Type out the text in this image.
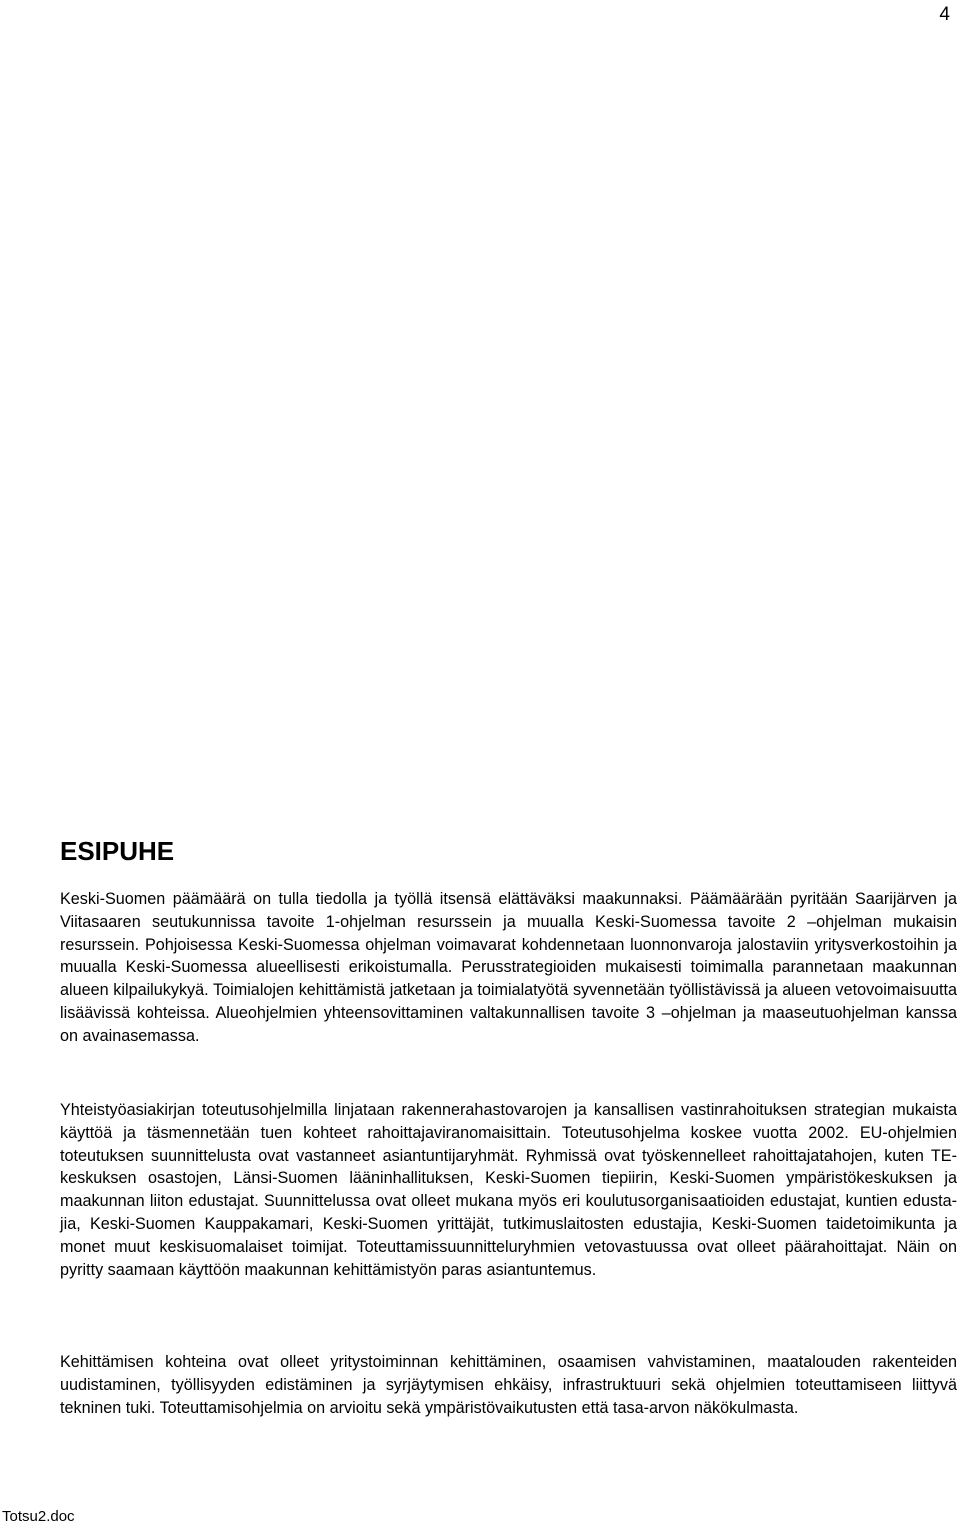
4
ESIPUHE

Keski-Suomen päämäärä on tulla tiedolla ja työllä itsensä elättäväksi maakunnaksi. Päämäärään pyritään Saarijärven ja Viitasaaren seutukunnissa tavoite 1-ohjelman resurssein ja muualla Keski-Suomessa tavoite 2 –ohjelman mukaisin resurssein. Pohjoisessa Keski-Suomessa ohjelman voimavarat kohdennetaan luonnonvaroja jalostaviin yritysverkostoihin ja muualla Keski-Suomessa alueellisesti erikoistumalla. Perusstrategioiden mukaisesti toimimalla parannetaan maakunnan alueen kilpailukykyä. Toimialojen kehittämistä jatketaan ja toimialatyötä syvennetään työllistävissä ja alueen vetovoimaisuutta lisäävissä kohteissa. Alueohjelmien yhteensovittaminen valtakunnallisen tavoite 3 –ohjelman ja maaseutuohjelman kanssa on avainasemassa.

Yhteistyöasiakirjan toteutusohjelmilla linjataan rakennerahastovarojen ja kansallisen vastinrahoituksen strategian mukaista käyttöä ja täsmennetään tuen kohteet rahoittajaviranomaisittain. Toteutusohjelma koskee vuotta 2002. EU-ohjelmien toteutuksen suunnittelusta ovat vastanneet asiantuntijaryhmät. Ryhmissä ovat työskennelleet rahoittajatahojen, kuten TE-keskuksen osastojen, Länsi-Suomen lääninhallituksen, Keski-Suomen tiepiirin, Keski-Suomen ympäristökeskuksen ja maakunnan liiton edustajat. Suunnittelussa ovat olleet mukana myös eri koulutusorganisaatioiden edustajat, kuntien edustajia, Keski-Suomen Kauppakamari, Keski-Suomen yrittäjät, tutkimuslaitosten edustajia, Keski-Suomen taidetoimikunta ja monet muut keskisuomalaiset toimijat. Toteuttamissuunnitteluryhmien vetovastuussa ovat olleet päärahoittajat. Näin on pyritty saamaan käyttöön maakunnan kehittämistyön paras asiantuntemus.

Kehittämisen kohteina ovat olleet yritystoiminnan kehittäminen, osaamisen vahvistaminen, maatalouden rakenteiden uudistaminen, työllisyyden edistäminen ja syrjäytymisen ehkäisy, infrastruktuuri sekä ohjelmien toteuttamiseen liittyvä tekninen tuki. Toteuttamisohjelmia on arvioitu sekä ympäristövaikutusten että tasa-arvon näkökulmasta.

Totsu2.doc
